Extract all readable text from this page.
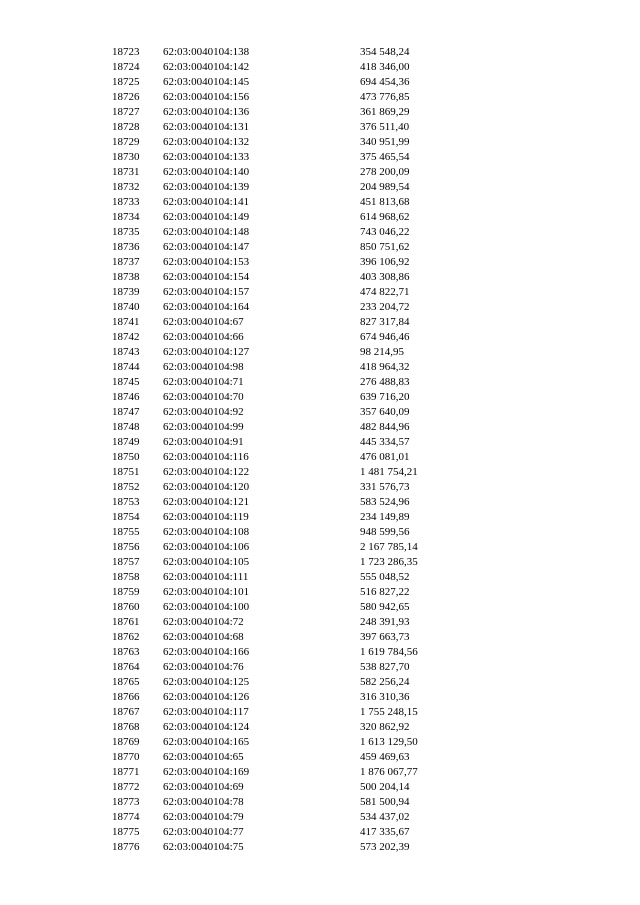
18723	62:03:0040104:138	354 548,24
18724	62:03:0040104:142	418 346,00
18725	62:03:0040104:145	694 454,36
18726	62:03:0040104:156	473 776,85
18727	62:03:0040104:136	361 869,29
18728	62:03:0040104:131	376 511,40
18729	62:03:0040104:132	340 951,99
18730	62:03:0040104:133	375 465,54
18731	62:03:0040104:140	278 200,09
18732	62:03:0040104:139	204 989,54
18733	62:03:0040104:141	451 813,68
18734	62:03:0040104:149	614 968,62
18735	62:03:0040104:148	743 046,22
18736	62:03:0040104:147	850 751,62
18737	62:03:0040104:153	396 106,92
18738	62:03:0040104:154	403 308,86
18739	62:03:0040104:157	474 822,71
18740	62:03:0040104:164	233 204,72
18741	62:03:0040104:67	827 317,84
18742	62:03:0040104:66	674 946,46
18743	62:03:0040104:127	98 214,95
18744	62:03:0040104:98	418 964,32
18745	62:03:0040104:71	276 488,83
18746	62:03:0040104:70	639 716,20
18747	62:03:0040104:92	357 640,09
18748	62:03:0040104:99	482 844,96
18749	62:03:0040104:91	445 334,57
18750	62:03:0040104:116	476 081,01
18751	62:03:0040104:122	1 481 754,21
18752	62:03:0040104:120	331 576,73
18753	62:03:0040104:121	583 524,96
18754	62:03:0040104:119	234 149,89
18755	62:03:0040104:108	948 599,56
18756	62:03:0040104:106	2 167 785,14
18757	62:03:0040104:105	1 723 286,35
18758	62:03:0040104:111	555 048,52
18759	62:03:0040104:101	516 827,22
18760	62:03:0040104:100	580 942,65
18761	62:03:0040104:72	248 391,93
18762	62:03:0040104:68	397 663,73
18763	62:03:0040104:166	1 619 784,56
18764	62:03:0040104:76	538 827,70
18765	62:03:0040104:125	582 256,24
18766	62:03:0040104:126	316 310,36
18767	62:03:0040104:117	1 755 248,15
18768	62:03:0040104:124	320 862,92
18769	62:03:0040104:165	1 613 129,50
18770	62:03:0040104:65	459 469,63
18771	62:03:0040104:169	1 876 067,77
18772	62:03:0040104:69	500 204,14
18773	62:03:0040104:78	581 500,94
18774	62:03:0040104:79	534 437,02
18775	62:03:0040104:77	417 335,67
18776	62:03:0040104:75	573 202,39
